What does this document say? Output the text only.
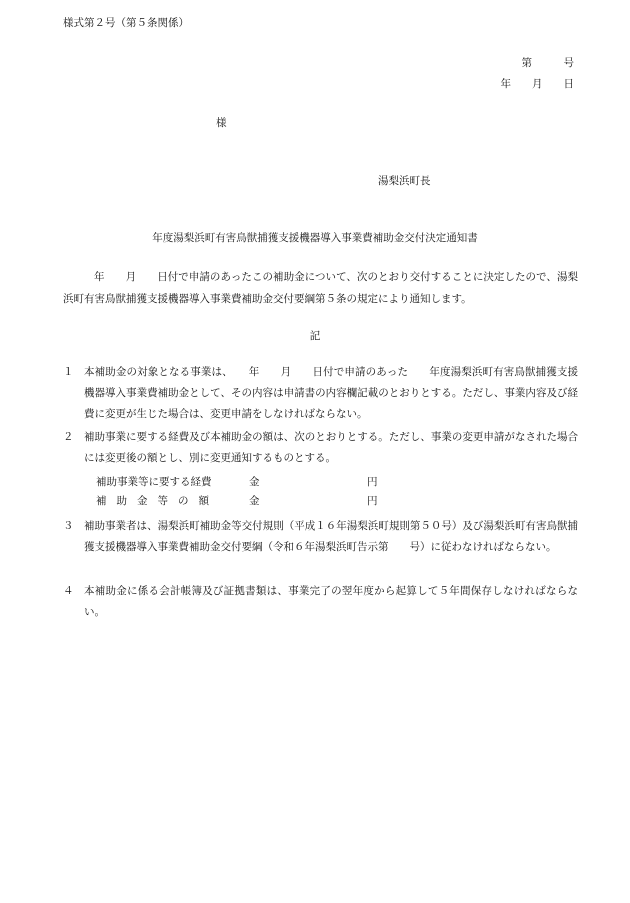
様式第２号（第５条関係）
第　　　号
年　　月　　日
様
湯梨浜町長
年度湯梨浜町有害鳥獣捕獲支援機器導入事業費補助金交付決定通知書
年　　月　　日付で申請のあったこの補助金について、次のとおり交付することに決定したので、湯梨浜町有害鳥獣捕獲支援機器導入事業費補助金交付要綱第５条の規定により通知します。
記
１	本補助金の対象となる事業は、　　年　　月　　日付で申請のあった　　年度湯梨浜町有害鳥獣捕獲支援機器導入事業費補助金として、その内容は申請書の内容欄記載のとおりとする。ただし、事業内容及び経費に変更が生じた場合は、変更申請をしなければならない。
２	補助事業に要する経費及び本補助金の額は、次のとおりとする。ただし、事業の変更申請がなされた場合には変更後の額とし、別に変更通知するものとする。
補助事業等に要する経費	金	円
補助金等の額	金	円
３	補助事業者は、湯梨浜町補助金等交付規則（平成１６年湯梨浜町規則第５０号）及び湯梨浜町有害鳥獣捕獲支援機器導入事業費補助金交付要綱（令和６年湯梨浜町告示第　　号）に従わなければならない。
４	本補助金に係る会計帳簿及び証拠書類は、事業完了の翌年度から起算して５年間保存しなければならない。
